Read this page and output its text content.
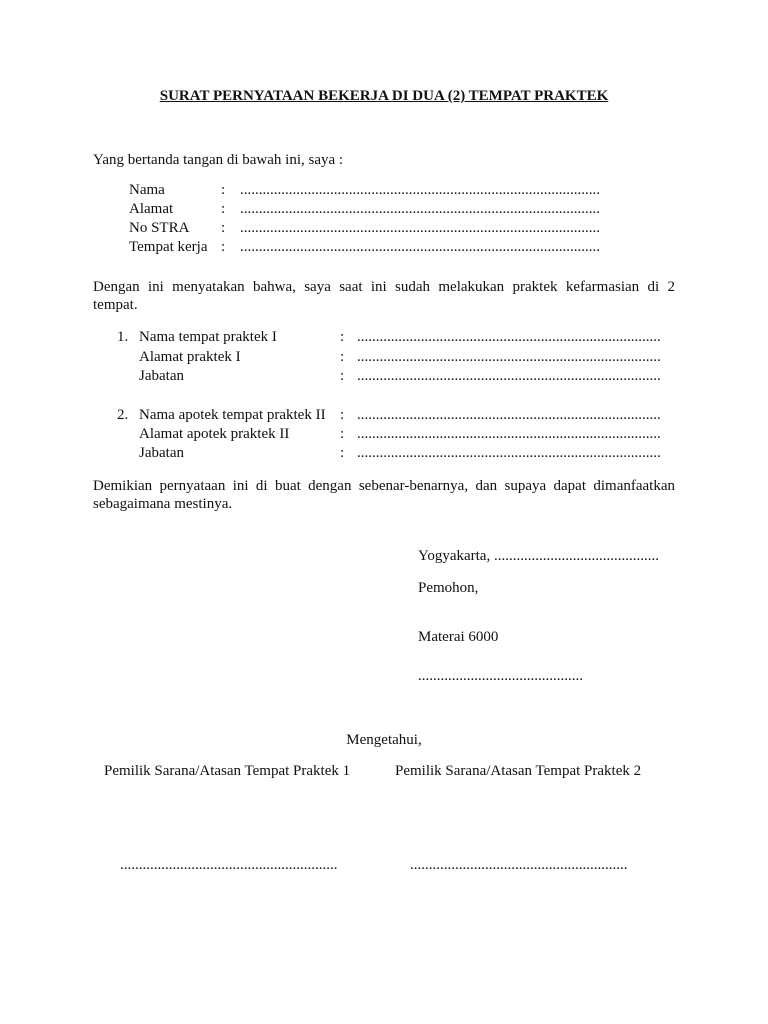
SURAT PERNYATAAN BEKERJA DI DUA (2) TEMPAT PRAKTEK
Yang bertanda tangan di bawah ini, saya :
Nama	: ................................................................................................
Alamat	: ................................................................................................
No STRA : ................................................................................................
Tempat kerja : ................................................................................................
Dengan ini menyatakan bahwa, saya saat ini sudah melakukan praktek kefarmasian di 2
tempat.
1. Nama tempat praktek I	: .................................................................................
Alamat praktek I	: .................................................................................
Jabatan	: .................................................................................
2. Nama apotek tempat praktek II : .................................................................................
Alamat apotek praktek II	: .................................................................................
Jabatan	: .................................................................................
Demikian pernyataan ini di buat dengan sebenar-benarnya, dan supaya dapat dimanfaatkan
sebagaimana mestinya.
Yogyakarta, ............................................
Pemohon,
Materai 6000
............................................
Mengetahui,
Pemilik Sarana/Atasan Tempat Praktek 1	Pemilik Sarana/Atasan Tempat Praktek 2
..........................................................	..........................................................
